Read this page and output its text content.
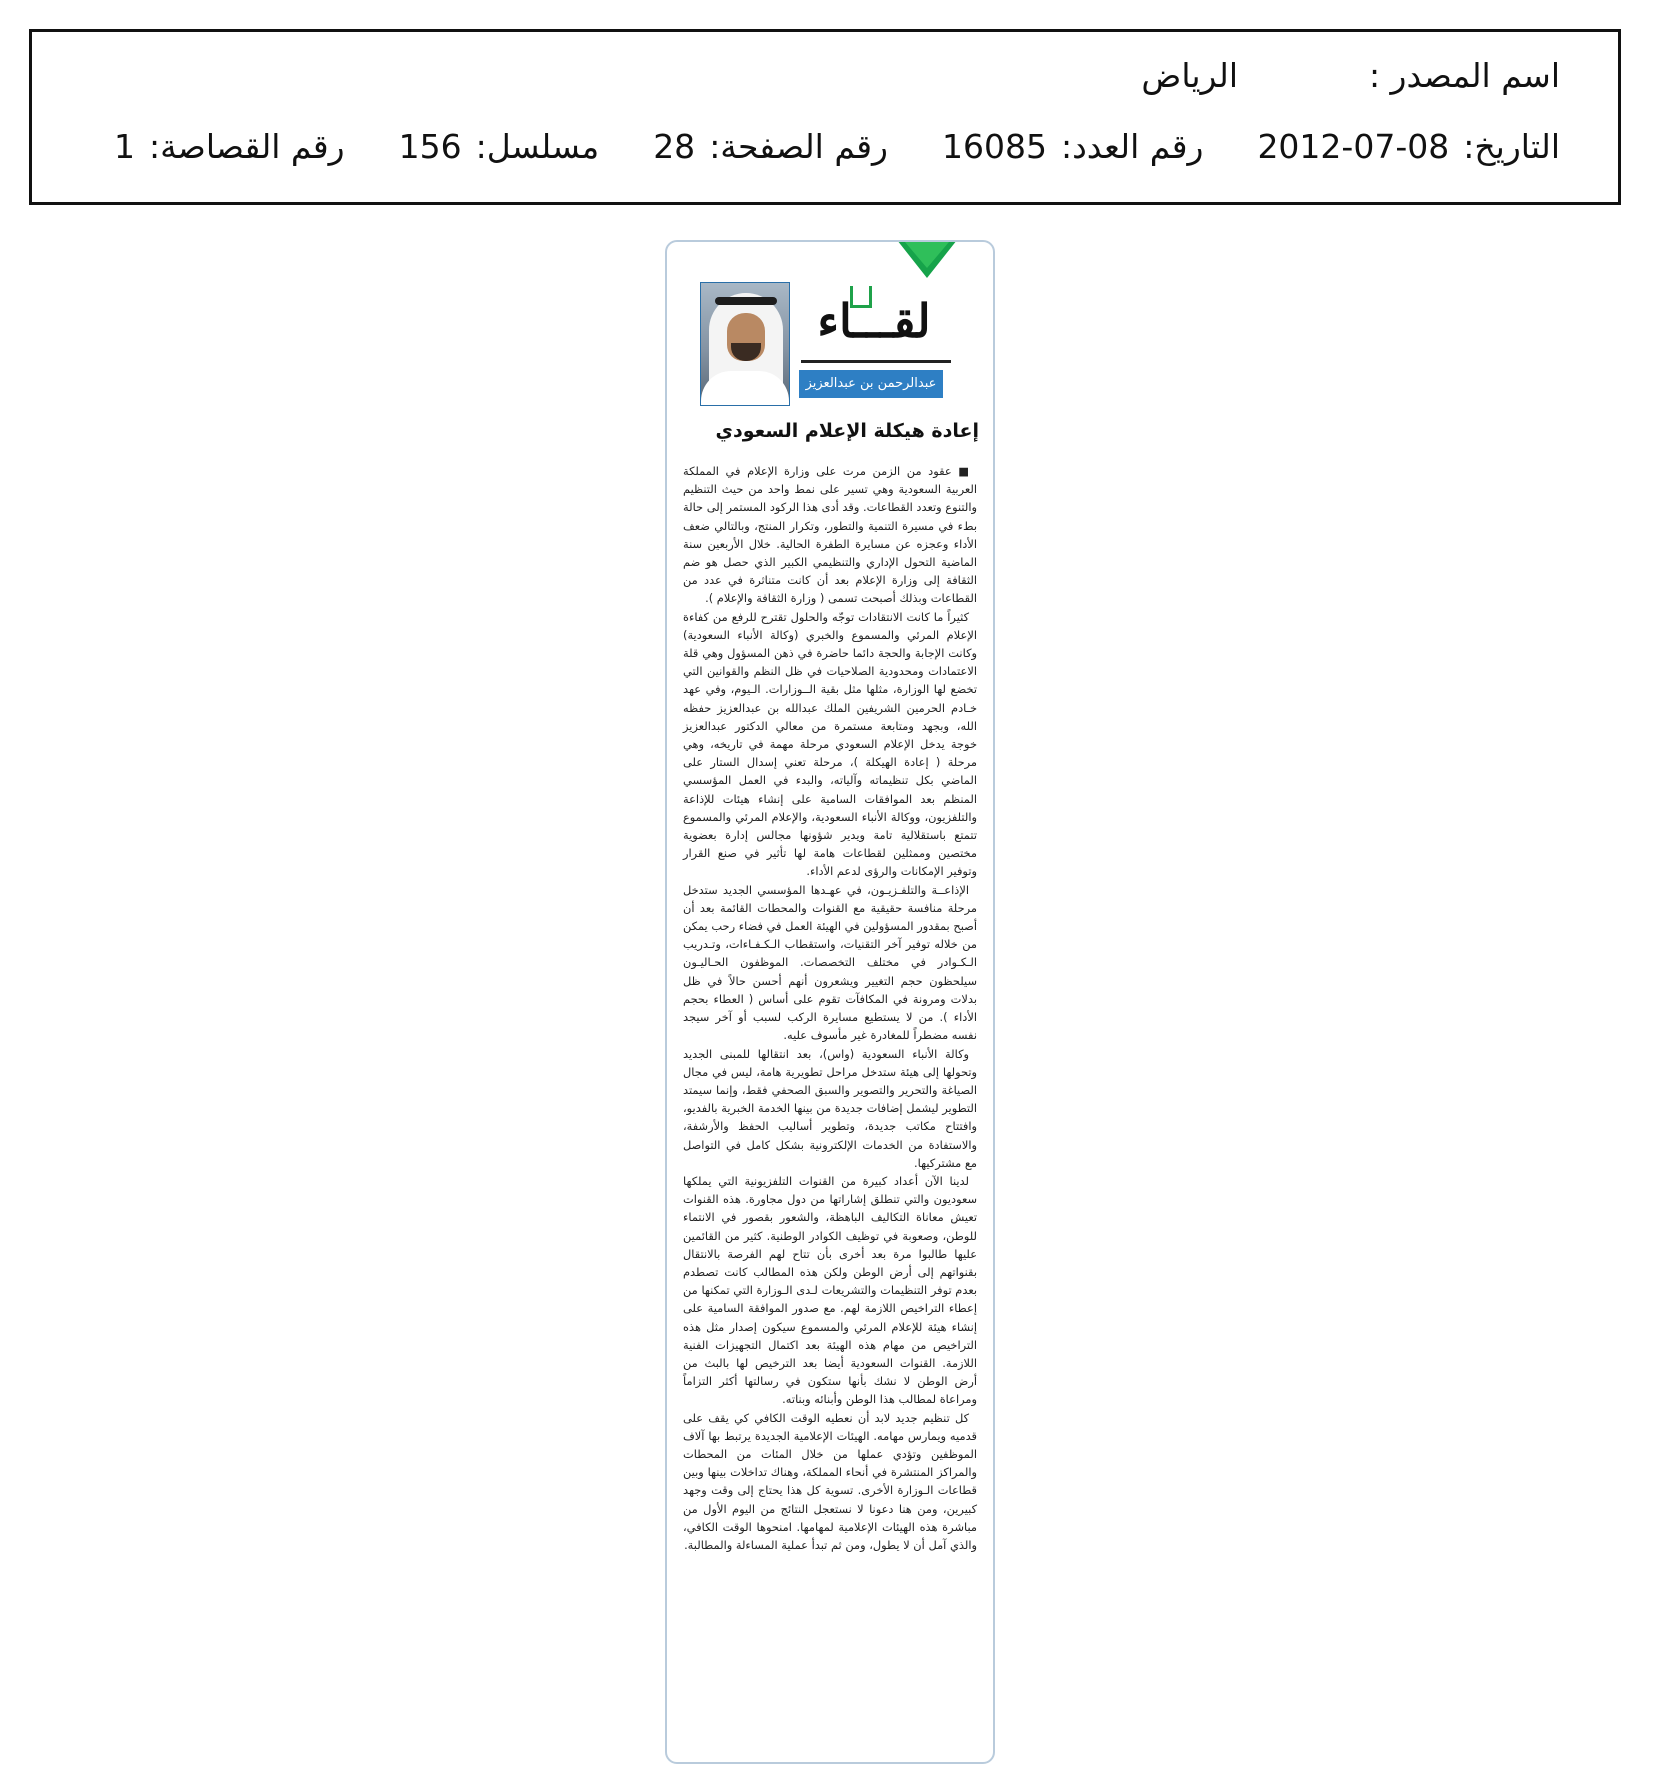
اسم المصدر :
الرياض
التاريخ:
2012-07-08
رقم العدد:
16085
رقم الصفحة:
28
مسلسل:
156
رقم القصاصة:
1
لقـــاء
عبدالرحمن بن عبدالعزيز الهزاع
إعادة هيكلة الإعلام السعودي

■ عقود من الزمن مرت على وزارة الإعلام في المملكة العربية السعودية وهي تسير على نمط واحد من حيث التنظيم والتنوع وتعدد القطاعات. وقد أدى هذا الركود المستمر إلى حالة بطء في مسيرة التنمية والتطور، وتكرار المنتج، وبالتالي ضعف الأداء وعجزه عن مسايرة الطفرة الحالية. خلال الأربعين سنة الماضية التحول الإداري والتنظيمي الكبير الذي حصل هو ضم الثقافة إلى وزارة الإعلام بعد أن كانت متناثرة في عدد من القطاعات وبذلك أصبحت تسمى ( وزارة الثقافة والإعلام ).

كثيراً ما كانت الانتقادات توجّه والحلول تقترح للرفع من كفاءة الإعلام المرئي والمسموع والخبري (وكالة الأنباء السعودية) وكانت الإجابة والحجة دائما حاضرة في ذهن المسؤول وهي قلة الاعتمادات ومحدودية الصلاحيات في ظل النظم والقوانين التي تخضع لها الوزارة، مثلها مثل بقية الــوزارات. الـيوم، وفي عهد خـادم الحرمين الشريفين الملك عبدالله بن عبدالعزيز حفظه الله، وبجهد ومتابعة مستمرة من معالي الدكتور عبدالعزيز خوجة يدخل الإعلام السعودي مرحلة مهمة في تاريخه، وهي مرحلة ( إعادة الهيكلة )، مرحلة تعني إسدال الستار على الماضي بكل تنظيماته وآلياته، والبدء في العمل المؤسسي المنظم بعد الموافقات السامية على إنشاء هيئات للإذاعة والتلفزيون، ووكالة الأنباء السعودية، والإعلام المرئي والمسموع تتمتع باستقلالية تامة ويدير شؤونها مجالس إدارة بعضوية مختصين وممثلين لقطاعات هامة لها تأثير في صنع القرار وتوفير الإمكانات والرؤى لدعم الأداء.

الإذاعــة والتلفـزيـون، في عهـدها المؤسسي الجديد ستدخل مرحلة منافسة حقيقية مع القنوات والمحطات القائمة بعد أن أصبح بمقدور المسؤولين في الهيئة العمل في فضاء رحب يمكن من خلاله توفير آخر التقنيات، واستقطاب الـكـفـاءات، وتـدريب الـكـوادر في مختلف التخصصات. الموظفون الحـاليـون سيلحظون حجم التغيير ويشعرون أنهم أحسن حالاً في ظل بدلات ومرونة في المكافآت تقوم على أساس ( العطاء بحجم الأداء ). من لا يستطيع مسايرة الركب لسبب أو آخر سيجد نفسه مضطراً للمغادرة غير مأسوف عليه.

وكالة الأنباء السعودية (واس)، بعد انتقالها للمبنى الجديد وتحولها إلى هيئة ستدخل مراحل تطويرية هامة، ليس في مجال الصياغة والتحرير والتصوير والسبق الصحفي فقط، وإنما سيمتد التطوير ليشمل إضافات جديدة من بينها الخدمة الخبرية بالفديو، وافتتاح مكاتب جديدة، وتطوير أساليب الحفظ والأرشفة، والاستفادة من الخدمات الإلكترونية بشكل كامل في التواصل مع مشتركيها.

لدينا الآن أعداد كبيرة من القنوات التلفزيونية التي يملكها سعوديون والتي تنطلق إشاراتها من دول مجاورة. هذه القنوات تعيش معاناة التكاليف الباهظة، والشعور بقصور في الانتماء للوطن، وصعوبة في توظيف الكوادر الوطنية. كثير من القائمين عليها طالبوا مرة بعد أخرى بأن تتاح لهم الفرصة بالانتقال بقنواتهم إلى أرض الوطن ولكن هذه المطالب كانت تصطدم بعدم توفر التنظيمات والتشريعات لـدى الـوزارة التي تمكنها من إعطاء التراخيص اللازمة لهم. مع صدور الموافقة السامية على إنشاء هيئة للإعلام المرئي والمسموع سيكون إصدار مثل هذه التراخيص من مهام هذه الهيئة بعد اكتمال التجهيزات الفنية اللازمة. القنوات السعودية أيضا بعد الترخيص لها بالبث من أرض الوطن لا نشك بأنها ستكون في رسالتها أكثر التزاماً ومراعاة لمطالب هذا الوطن وأبنائه وبناته.

كل تنظيم جديد لابد أن نعطيه الوقت الكافي كي يقف على قدميه ويمارس مهامه. الهيئات الإعلامية الجديدة يرتبط بها آلاف الموظفين وتؤدي عملها من خلال المئات من المحطات والمراكز المنتشرة في أنحاء المملكة، وهناك تداخلات بينها وبين قطاعات الـوزارة الأخرى. تسوية كل هذا يحتاج إلى وقت وجهد كبيرين، ومن هنا دعونا لا نستعجل النتائج من اليوم الأول من مباشرة هذه الهيئات الإعلامية لمهامها. امنحوها الوقت الكافي، والذي آمل أن لا يطول، ومن ثم تبدأ عملية المساءلة والمطالبة.
